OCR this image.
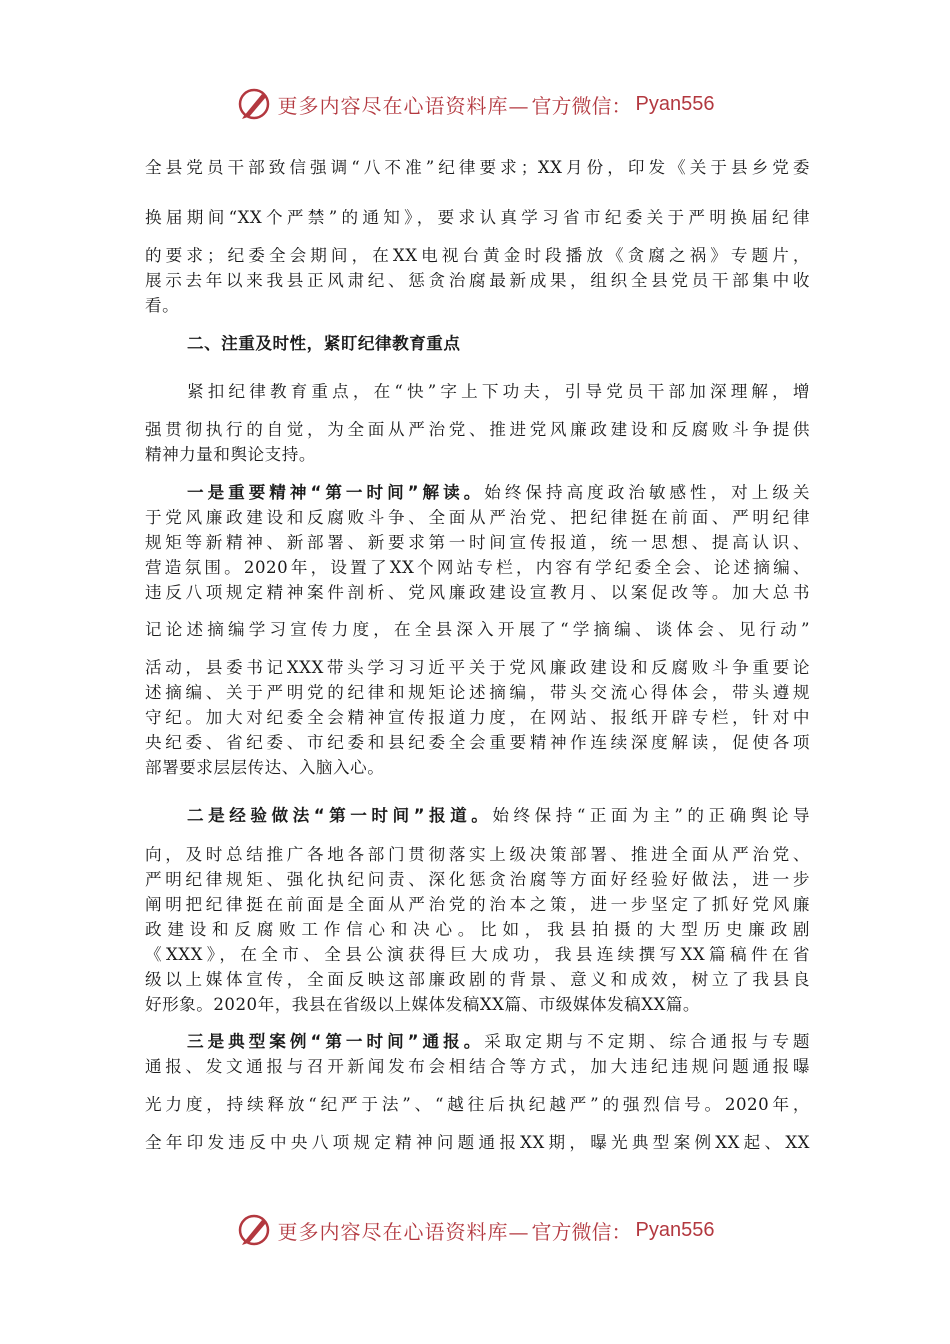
更多内容尽在心语资料库— 官方微信： Pyan556

全县党员干部致信强调“八不准”纪律要求；XX月份，印发《关于县乡党委

换届期间“XX个严禁”的通知》，要求认真学习省市纪委关于严明换届纪律

的要求；纪委全会期间，在XX电视台黄金时段播放《贪腐之祸》专题片，

展示去年以来我县正风肃纪、惩贪治腐最新成果，组织全县党员干部集中收

看。

二、注重及时性，紧盯纪律教育重点

紧扣纪律教育重点，在“快”字上下功夫，引导党员干部加深理解，增

强贯彻执行的自觉，为全面从严治党、推进党风廉政建设和反腐败斗争提供

精神力量和舆论支持。

一是重要精神“第一时间”解读。始终保持高度政治敏感性，对上级关

于党风廉政建设和反腐败斗争、全面从严治党、把纪律挺在前面、严明纪律

规矩等新精神、新部署、新要求第一时间宣传报道，统一思想、提高认识、

营造氛围。2020年，设置了XX个网站专栏，内容有学纪委全会、论述摘编、

违反八项规定精神案件剖析、党风廉政建设宣教月、以案促改等。加大总书

记论述摘编学习宣传力度，在全县深入开展了“学摘编、谈体会、见行动”

活动，县委书记XXX带头学习习近平关于党风廉政建设和反腐败斗争重要论

述摘编、关于严明党的纪律和规矩论述摘编，带头交流心得体会，带头遵规

守纪。加大对纪委全会精神宣传报道力度，在网站、报纸开辟专栏，针对中

央纪委、省纪委、市纪委和县纪委全会重要精神作连续深度解读，促使各项

部署要求层层传达、入脑入心。

二是经验做法“第一时间”报道。始终保持“正面为主”的正确舆论导

向，及时总结推广各地各部门贯彻落实上级决策部署、推进全面从严治党、

严明纪律规矩、强化执纪问责、深化惩贪治腐等方面好经验好做法，进一步

阐明把纪律挺在前面是全面从严治党的治本之策，进一步坚定了抓好党风廉

政建设和反腐败工作信心和决心。比如，我县拍摄的大型历史廉政剧

《XXX》，在全市、全县公演获得巨大成功，我县连续撰写XX篇稿件在省

级以上媒体宣传，全面反映这部廉政剧的背景、意义和成效，树立了我县良

好形象。2020年，我县在省级以上媒体发稿XX篇、市级媒体发稿XX篇。

三是典型案例“第一时间”通报。采取定期与不定期、综合通报与专题

通报、发文通报与召开新闻发布会相结合等方式，加大违纪违规问题通报曝

光力度，持续释放“纪严于法”、“越往后执纪越严”的强烈信号。2020年，

全年印发违反中央八项规定精神问题通报XX期，曝光典型案例XX起、XX

更多内容尽在心语资料库— 官方微信： Pyan556
